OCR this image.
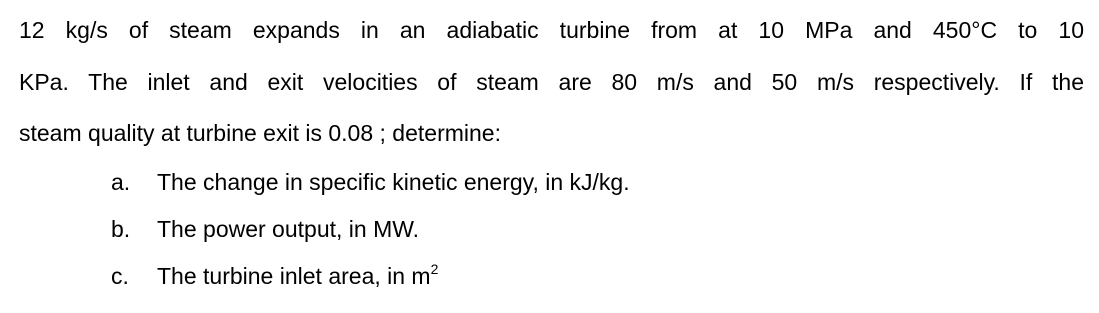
12 kg/s of steam expands in an adiabatic turbine from at 10 MPa and 450°C to 10
KPa. The inlet and exit velocities of steam are 80 m/s and 50 m/s respectively. If the
steam quality at turbine exit is 0.08 ; determine:
a. The change in specific kinetic energy, in kJ/kg.
b. The power output, in MW.
c. The turbine inlet area, in $m^2$
